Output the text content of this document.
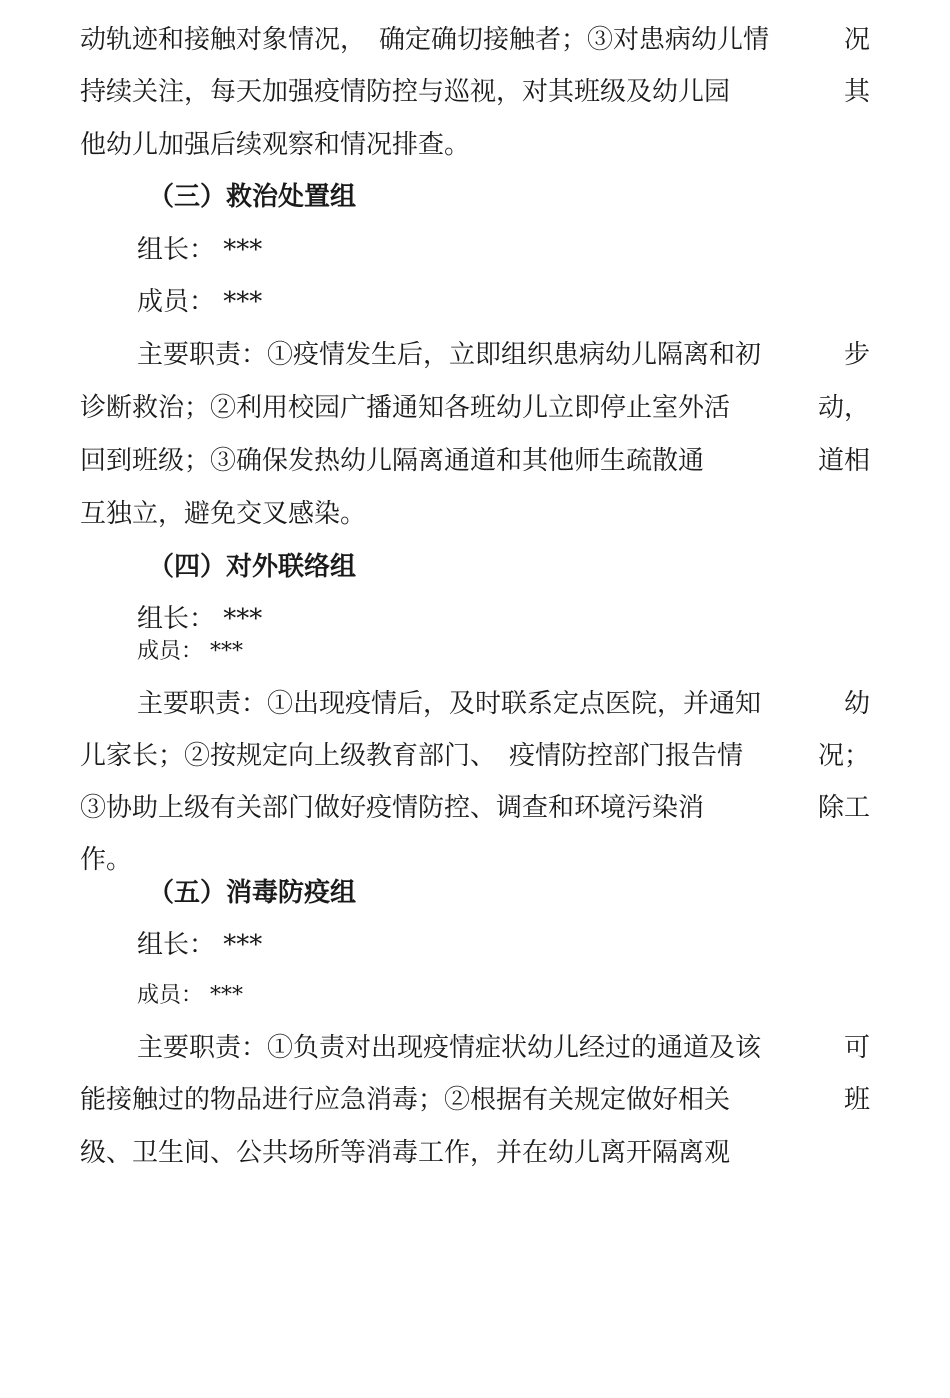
动轨迹和接触对象情况，　确定确切接触者；③对患病幼儿情	况
持续关注，每天加强疫情防控与巡视，对其班级及幼儿园	其
他幼儿加强后续观察和情况排查。
（三）救治处置组
组长： ***
成员： ***
主要职责：①疫情发生后，立即组织患病幼儿隔离和初	步
诊断救治；②利用校园广播通知各班幼儿立即停止室外活	动，
回到班级；③确保发热幼儿隔离通道和其他师生疏散通	道相
互独立，避免交叉感染。
（四）对外联络组
组长： ***
成员： ***
主要职责：①出现疫情后，及时联系定点医院，并通知	幼
儿家长；②按规定向上级教育部门、　疫情防控部门报告情	况；
③协助上级有关部门做好疫情防控、调查和环境污染消	除工
作。
（五）消毒防疫组
组长： ***
成员： ***
主要职责：①负责对出现疫情症状幼儿经过的通道及该	可
能接触过的物品进行应急消毒；②根据有关规定做好相关	班
级、卫生间、公共场所等消毒工作，并在幼儿离开隔离观
